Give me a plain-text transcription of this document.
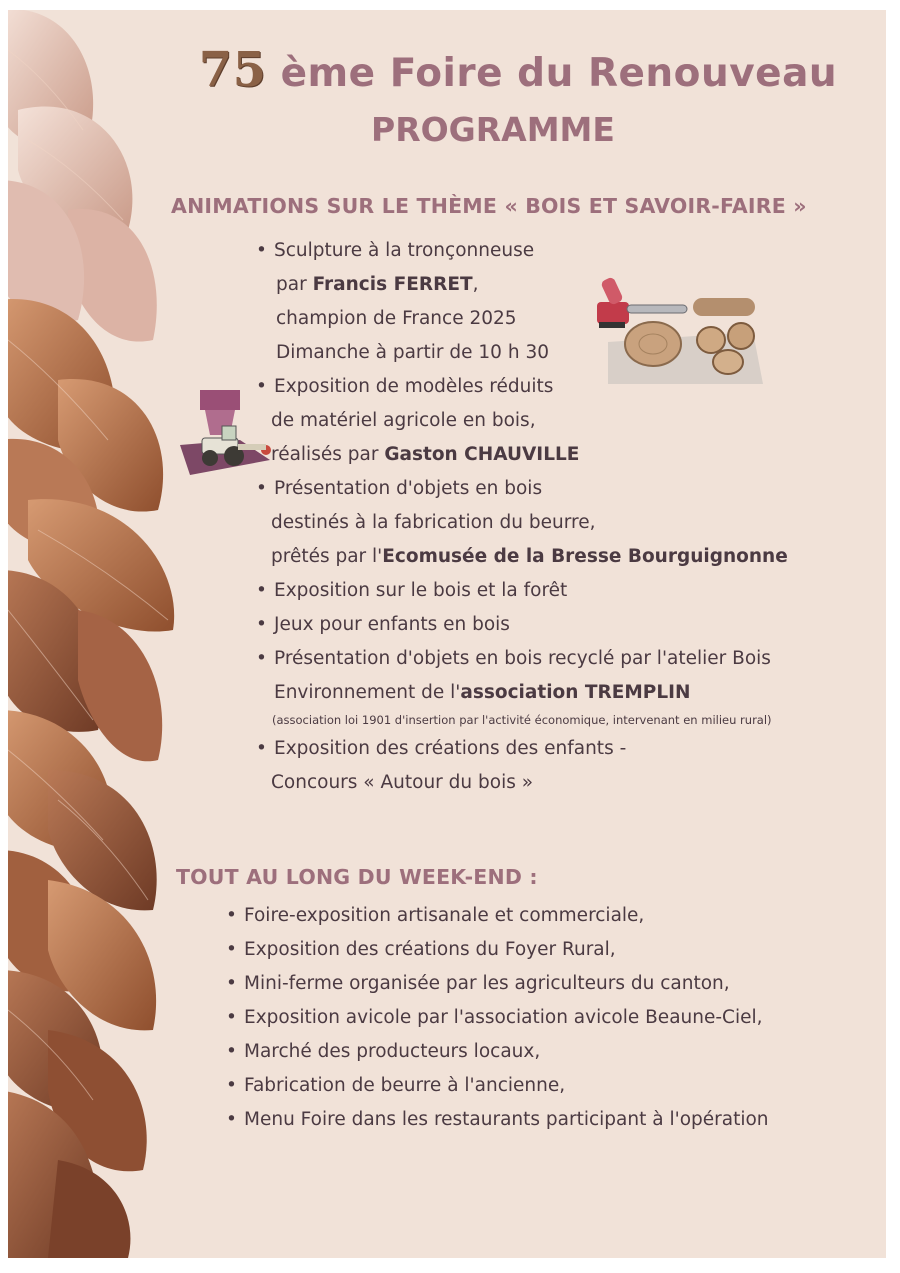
75 ème Foire du Renouveau
PROGRAMME
ANIMATIONS SUR LE THÈME « BOIS ET SAVOIR-FAIRE »
• Sculpture à la tronçonneuse
par Francis FERRET,
champion de France 2025
Dimanche à partir de 10 h 30
• Exposition de modèles réduits
de matériel agricole en bois,
réalisés par Gaston CHAUVILLE
• Présentation d'objets en bois
destinés à la fabrication du beurre,
prêtés par l'Ecomusée de la Bresse Bourguignonne
• Exposition sur le bois et la forêt
• Jeux pour enfants en bois
• Présentation d'objets en bois recyclé par l'atelier Bois
Environnement de l'association TREMPLIN
(association loi 1901 d'insertion par l'activité économique, intervenant en milieu rural)
• Exposition des créations des enfants -
Concours « Autour du bois »
TOUT AU LONG DU WEEK-END :
• Foire-exposition artisanale et commerciale,
• Exposition des créations du Foyer Rural,
• Mini-ferme organisée par les agriculteurs du canton,
• Exposition avicole par l'association avicole Beaune-Ciel,
• Marché des producteurs locaux,
• Fabrication de beurre à l'ancienne,
• Menu Foire dans les restaurants participant à l'opération
